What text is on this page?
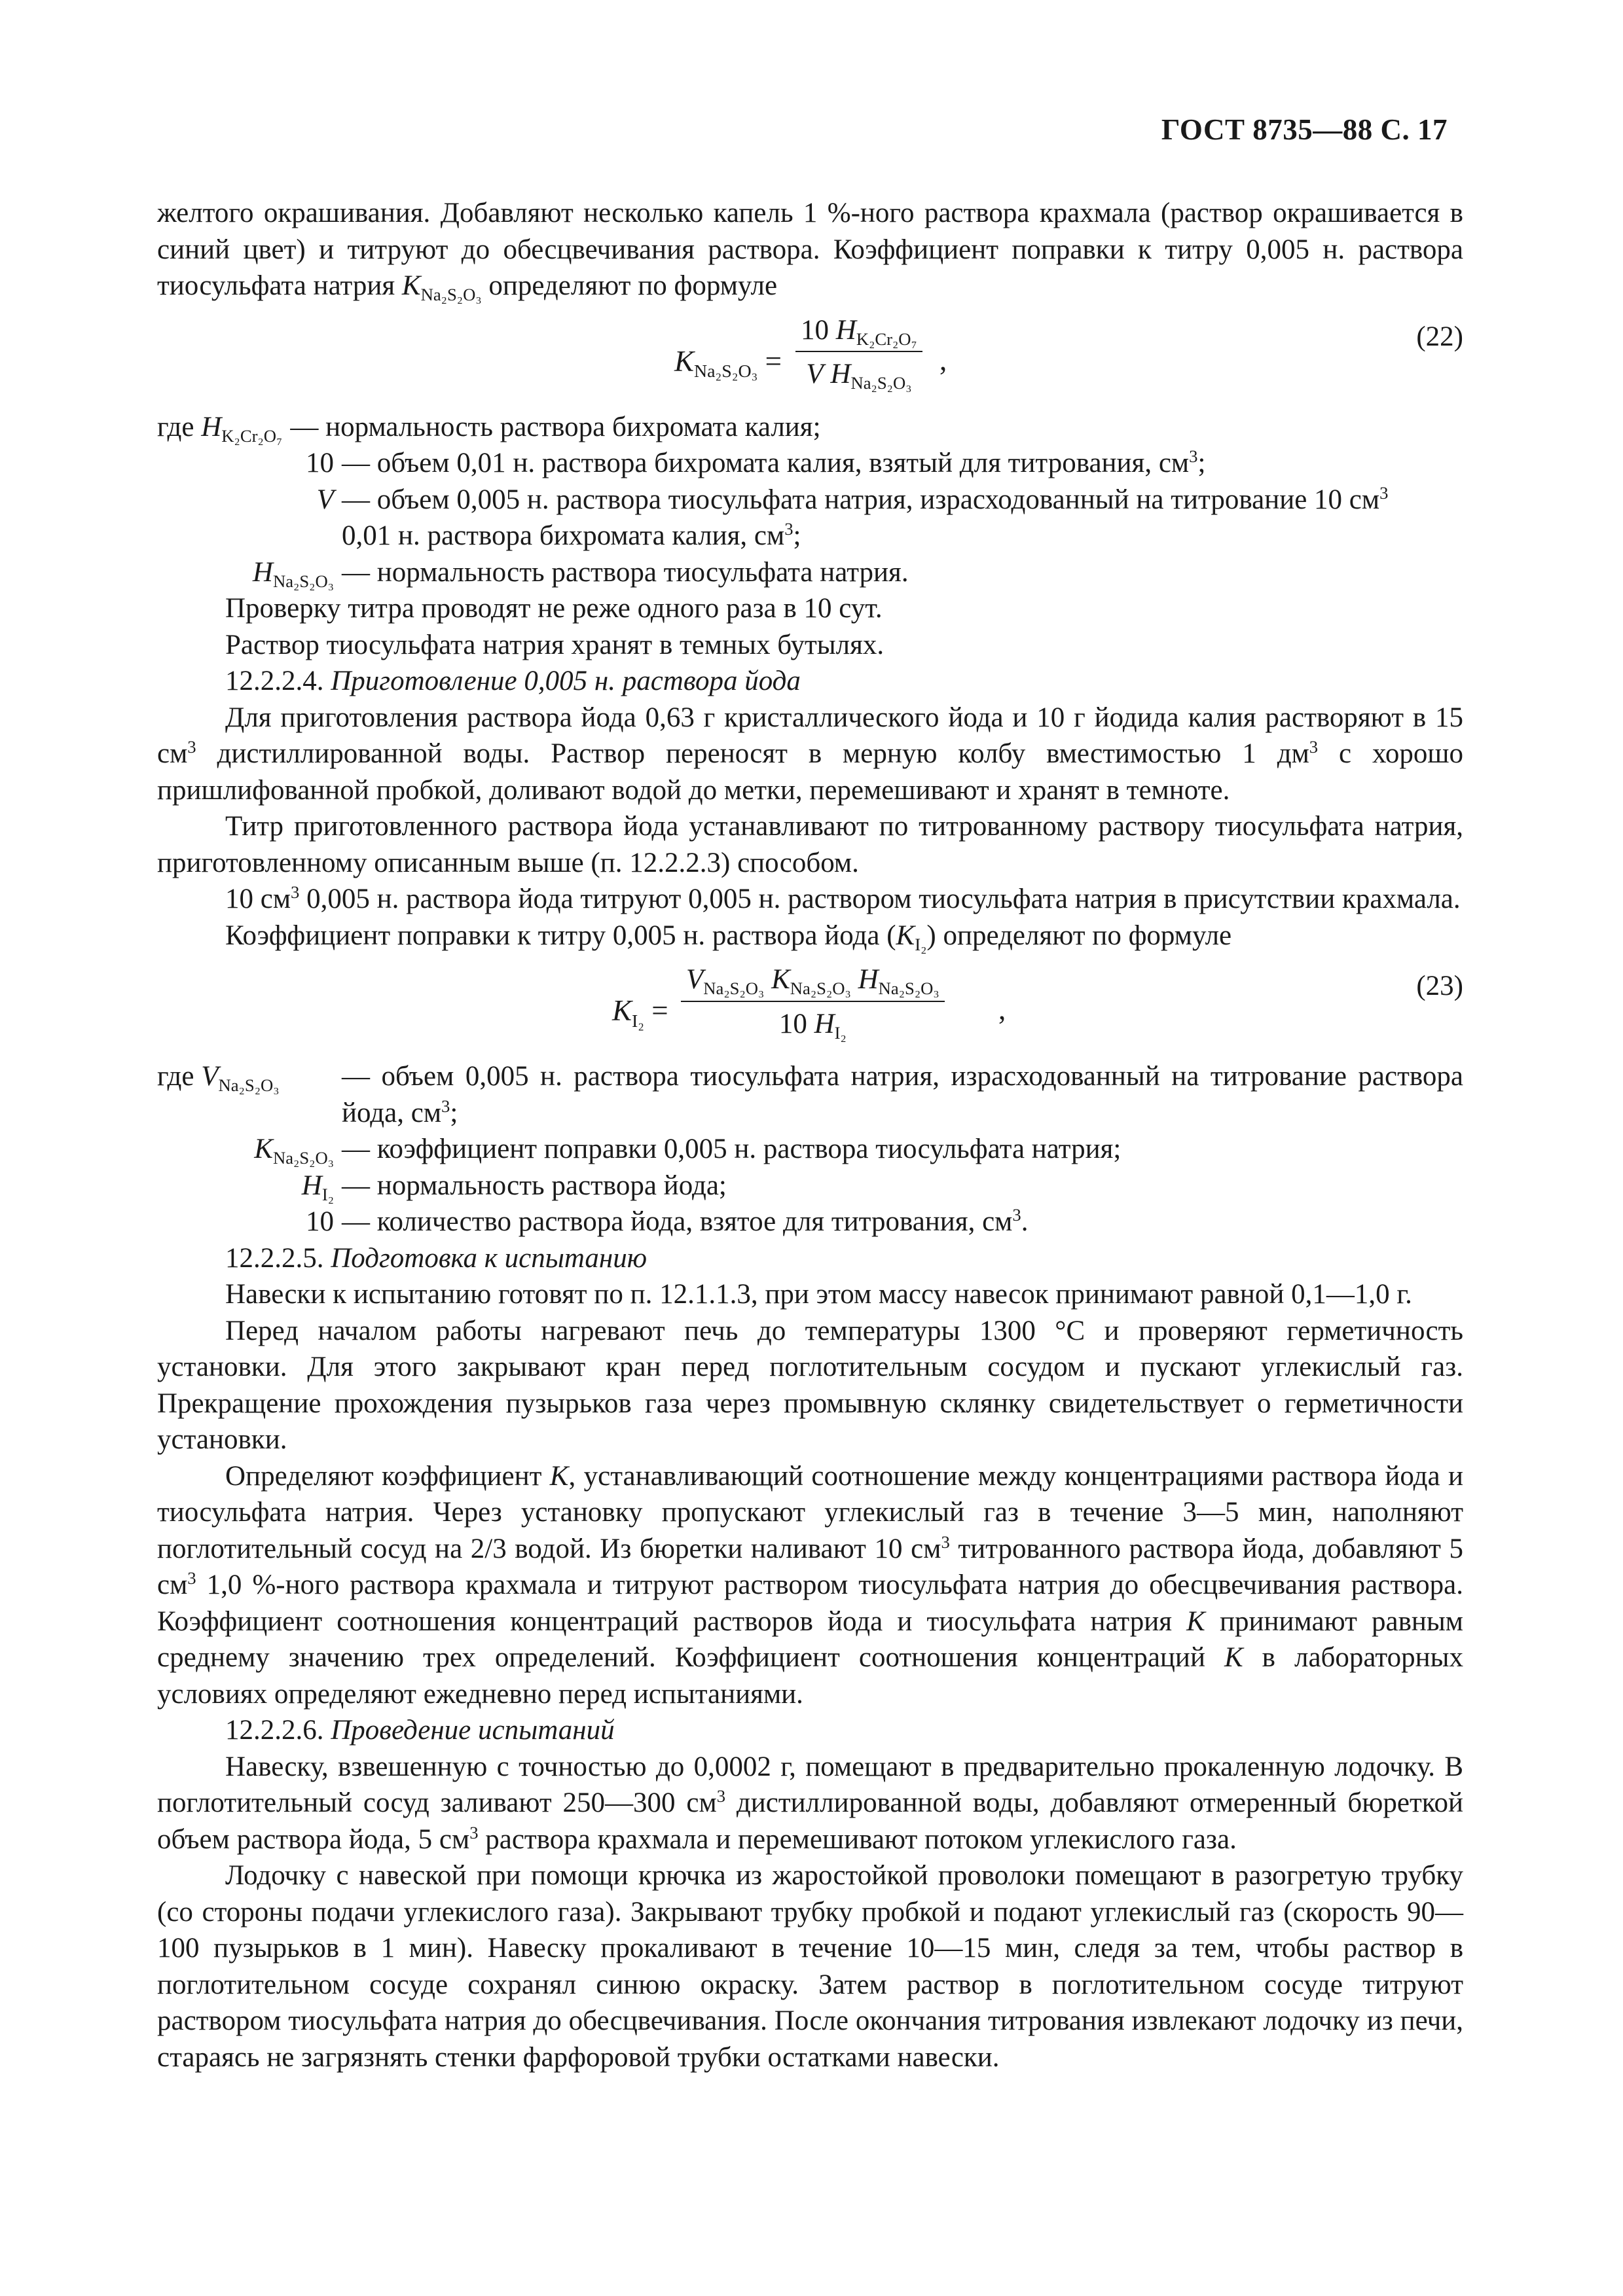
ГОСТ 8735—88 С. 17

желтого окрашивания. Добавляют несколько капель 1 %-ного раствора крахмала (раствор окрашивается в синий цвет) и титруют до обесцвечивания раствора. Коэффициент поправки к титру 0,005 н. раствора тиосульфата натрия $K_{Na_2S_2O_3}$ определяют по формуле

$K_{Na_2S_2O_3}$ =
10 $H_{K_2Cr_2O_7}$
V $H_{Na_2S_2O_3}$
,
(22)
где $H_{K_2Cr_2O_7}$ — нормальность раствора бихромата калия;
10 — объем 0,01 н. раствора бихромата калия, взятый для титрования, $см^3$;
V — объем 0,005 н. раствора тиосульфата натрия, израсходованный на титрование 10 $см^3$
0,01 н. раствора бихромата калия, $см^3$;
$H_{Na_2S_2O_3}$ — нормальность раствора тиосульфата натрия.

Проверку титра проводят не реже одного раза в 10 сут.

Раствор тиосульфата натрия хранят в темных бутылях.

12.2.2.4. Приготовление 0,005 н. раствора йода

Для приготовления раствора йода 0,63 г кристаллического йода и 10 г йодида калия растворяют в 15 $см^3$ дистиллированной воды. Раствор переносят в мерную колбу вместимостью 1 $дм^3$ с хорошо пришлифованной пробкой, доливают водой до метки, перемешивают и хранят в темноте.

Титр приготовленного раствора йода устанавливают по титрованному раствору тиосульфата натрия, приготовленному описанным выше (п. 12.2.2.3) способом.

10 $см^3$ 0,005 н. раствора йода титруют 0,005 н. раствором тиосульфата натрия в присутствии крахмала.

Коэффициент поправки к титру 0,005 н. раствора йода $(K_{I_2})$ определяют по формуле

$K_{I_2}$ =
$V_{Na_2S_2O_3}$ $K_{Na_2S_2O_3}$ $H_{Na_2S_2O_3}$
10 $H_{I_2}$
,
(23)
где $V_{Na_2S_2O_3}$	— объем 0,005 н. раствора тиосульфата натрия, израсходованный на титрование раствора йода, $см^3$;
$K_{Na_2S_2O_3}$ — коэффициент поправки 0,005 н. раствора тиосульфата натрия;
$H_{I_2}$ — нормальность раствора йода;
10 — количество раствора йода, взятое для титрования, $см^3$.

12.2.2.5. Подготовка к испытанию

Навески к испытанию готовят по п. 12.1.1.3, при этом массу навесок принимают равной 0,1—1,0 г.

Перед началом работы нагревают печь до температуры 1300 °С и проверяют герметичность установки. Для этого закрывают кран перед поглотительным сосудом и пускают углекислый газ. Прекращение прохождения пузырьков газа через промывную склянку свидетельствует о герметичности установки.

Определяют коэффициент K, устанавливающий соотношение между концентрациями раствора йода и тиосульфата натрия. Через установку пропускают углекислый газ в течение 3—5 мин, наполняют поглотительный сосуд на 2/3 водой. Из бюретки наливают 10 $см^3$ титрованного раствора йода, добавляют 5 $см^3$ 1,0 %-ного раствора крахмала и титруют раствором тиосульфата натрия до обесцвечивания раствора. Коэффициент соотношения концентраций растворов йода и тиосульфата натрия K принимают равным среднему значению трех определений. Коэффициент соотношения концентраций K в лабораторных условиях определяют ежедневно перед испытаниями.

12.2.2.6. Проведение испытаний

Навеску, взвешенную с точностью до 0,0002 г, помещают в предварительно прокаленную лодочку. В поглотительный сосуд заливают 250—300 $см^3$ дистиллированной воды, добавляют отмеренный бюреткой объем раствора йода, 5 $см^3$ раствора крахмала и перемешивают потоком углекислого газа.

Лодочку с навеской при помощи крючка из жаростойкой проволоки помещают в разогретую трубку (со стороны подачи углекислого газа). Закрывают трубку пробкой и подают углекислый газ (скорость 90—100 пузырьков в 1 мин). Навеску прокаливают в течение 10—15 мин, следя за тем, чтобы раствор в поглотительном сосуде сохранял синюю окраску. Затем раствор в поглотительном сосуде титруют раствором тиосульфата натрия до обесцвечивания. После окончания титрования извлекают лодочку из печи, стараясь не загрязнять стенки фарфоровой трубки остатками навески.
